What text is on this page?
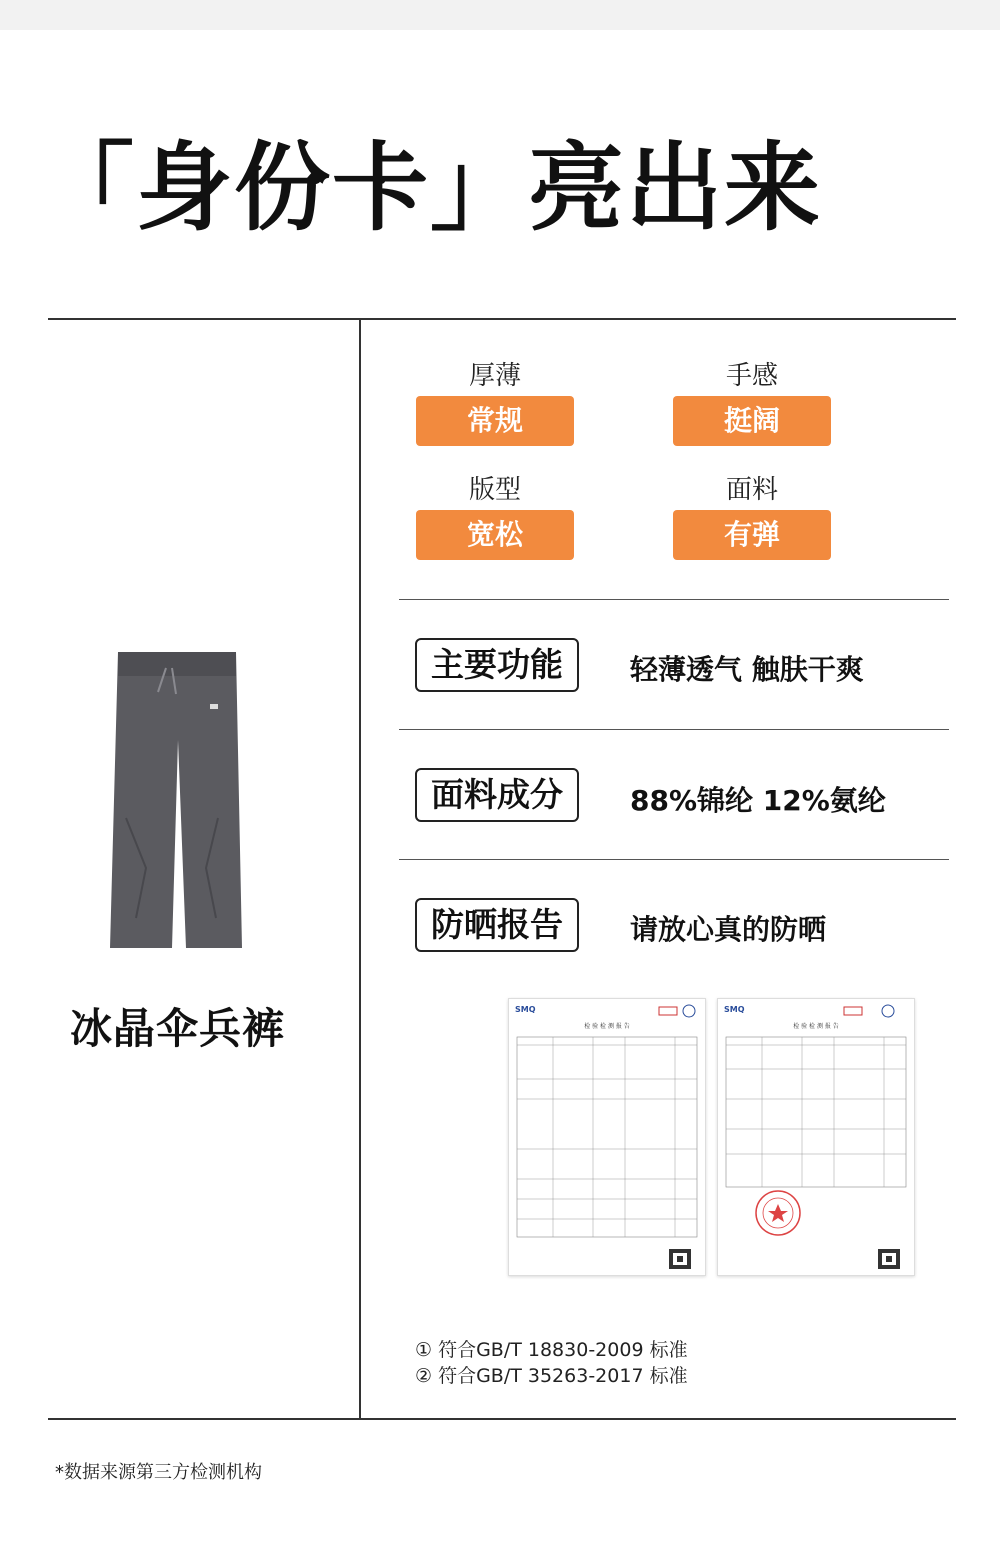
「身份卡」亮出来
冰晶伞兵裤
厚薄
常规
手感
挺阔
版型
宽松
面料
有弹
主要功能	轻薄透气 触肤干爽
面料成分	88%锦纶 12%氨纶
防晒报告	请放心真的防晒
SMQ
检 验 检 测 报 告
SMQ
检 验 检 测 报 告
① 符合GB/T 18830-2009 标准
② 符合GB/T 35263-2017 标准
*数据来源第三方检测机构
